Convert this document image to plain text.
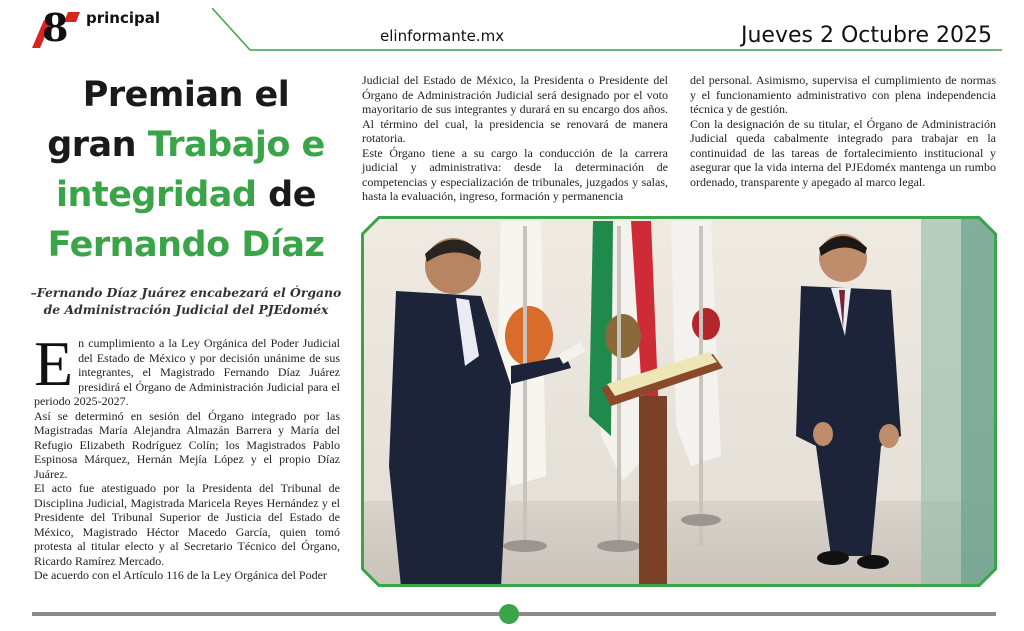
8 principal
elinformante.mx	Jueves 2 Octubre 2025
Premian el
gran Trabajo e
integridad de
Fernando Díaz
–Fernando Díaz Juárez encabezará el Órgano de Administración Judicial del PJEdoméx

En cumplimiento a la Ley Orgánica del Poder Judicial del Estado de México y por decisión unánime de sus integrantes, el Magistrado Fernando Díaz Juárez presidirá el Órgano de Administración Judicial para el periodo 2025-2027.

Así se determinó en sesión del Órgano integrado por las Magistradas María Alejandra Almazán Barrera y María del Refugio Elizabeth Rodríguez Colín; los Magistrados Pablo Espinosa Márquez, Hernán Mejía López y el propio Díaz Juárez.

El acto fue atestiguado por la Presidenta del Tribunal de Disciplina Judicial, Magistrada Maricela Reyes Hernández y el Presidente del Tribunal Superior de Justicia del Estado de México, Magistrado Héctor Macedo García, quien tomó protesta al titular electo y al Secretario Técnico del Órgano, Ricardo Ramírez Mercado.

De acuerdo con el Artículo 116 de la Ley Orgánica del Poder

Judicial del Estado de México, la Presidenta o Presidente del Órgano de Administración Judicial será designado por el voto mayoritario de sus integrantes y durará en su encargo dos años. Al término del cual, la presidencia se renovará de manera rotatoria.

Este Órgano tiene a su cargo la conducción de la carrera judicial y administrativa: desde la determinación de competencias y especialización de tribunales, juzgados y salas, hasta la evaluación, ingreso, formación y permanencia

del personal. Asimismo, supervisa el cumplimiento de normas y el funcionamiento administrativo con plena independencia técnica y de gestión.

Con la designación de su titular, el Órgano de Administración Judicial queda cabalmente integrado para trabajar en la continuidad de las tareas de fortalecimiento institucional y asegurar que la vida interna del PJEdoméx mantenga un rumbo ordenado, transparente y apegado al marco legal.
